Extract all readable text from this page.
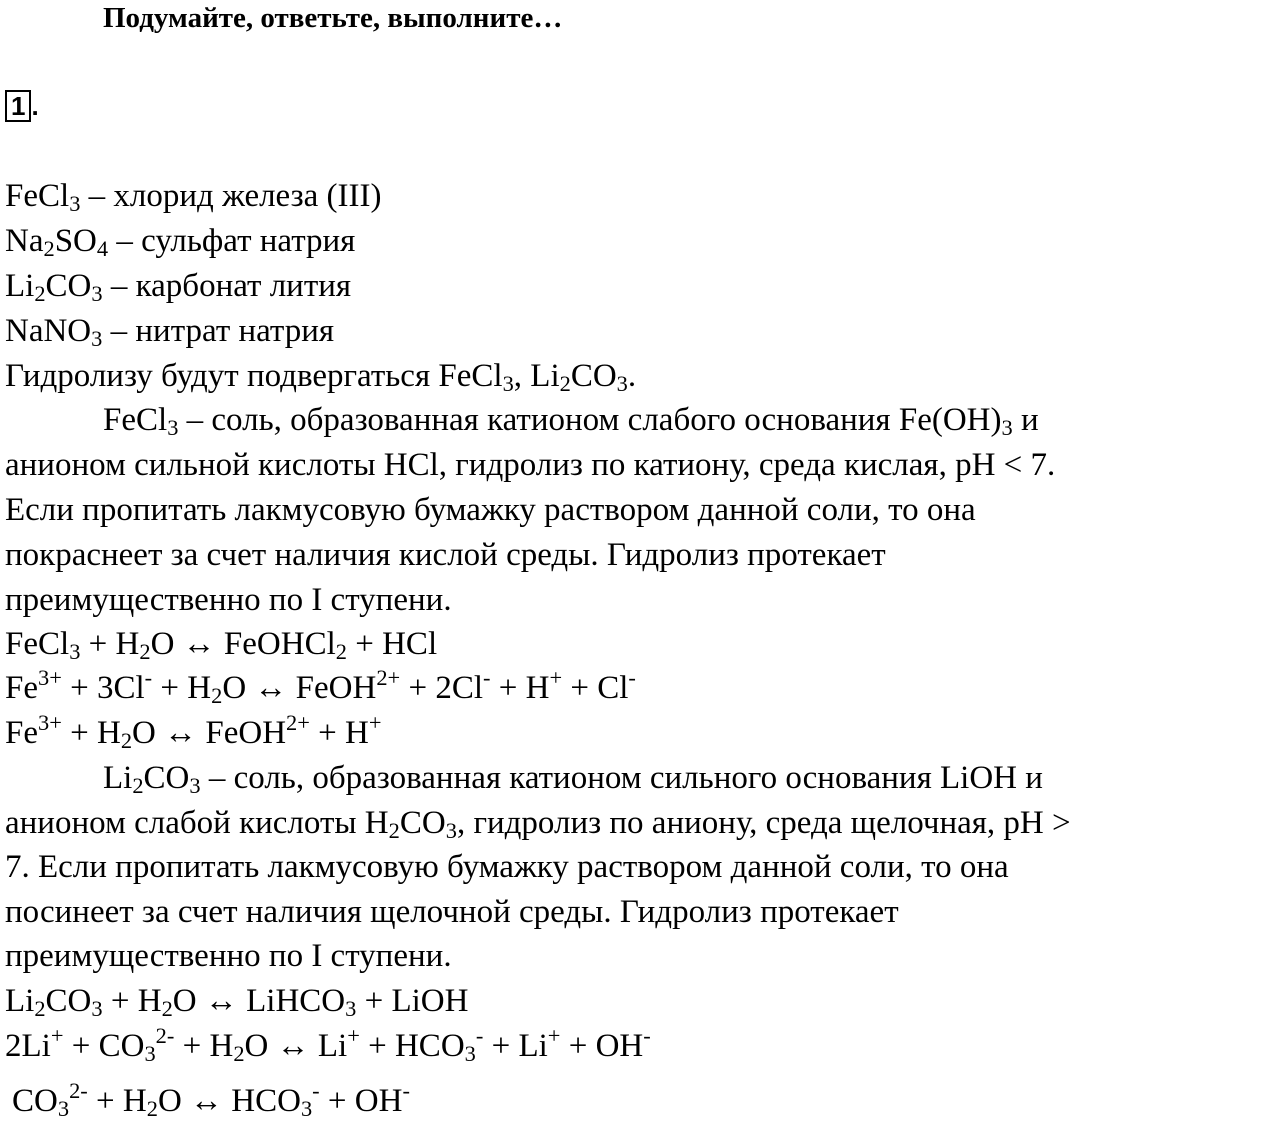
Подумайте, ответьте, выполните…
1 .
FeCl$_3$ – хлорид железа (III)
$Na_2SO_4$ – сульфат натрия
$Li_2CO_3$ – карбонат лития
NaNO$_3$ – нитрат натрия
Гидролизу будут подвергаться FeCl$_3$, $Li_2CO_3$.
FeCl$_3$ – соль, образованная катионом слабого основания $Fe(OH)_3$ и
анионом сильной кислоты HCl, гидролиз по катиону, среда кислая, pH < 7.
Если пропитать лакмусовую бумажку раствором данной соли, то она
покраснеет за счет наличия кислой среды. Гидролиз протекает
преимущественно по I ступени.
FeCl$_3$ + $H_2O$ ↔ FeOHCl$_2$ + HCl
$Fe^{3+} + 3Cl^- + H_2O$ ↔ FeOH$^{2+}$ + 2Cl- + H+ + Cl-
$Fe^{3+} + H_2O$ ↔ FeOH$^{2+}$ + H+
$Li_2CO_3$ – соль, образованная катионом сильного основания LiOH и
анионом слабой кислоты $H_2CO_3$, гидролиз по аниону, среда щелочная, pH >
7. Если пропитать лакмусовую бумажку раствором данной соли, то она
посинеет за счет наличия щелочной среды. Гидролиз протекает
преимущественно по I ступени.
$Li_2CO_3 + H_2O$ ↔ LiHCO$_3$ + LiOH
$2Li^+ + CO_3^{2-} + H_2O$ ↔ $Li^+ + HCO_3^- + Li^+ + OH^-$
$CO_3^{2-} + H_2O$ ↔ $HCO_3^- + OH^-$
